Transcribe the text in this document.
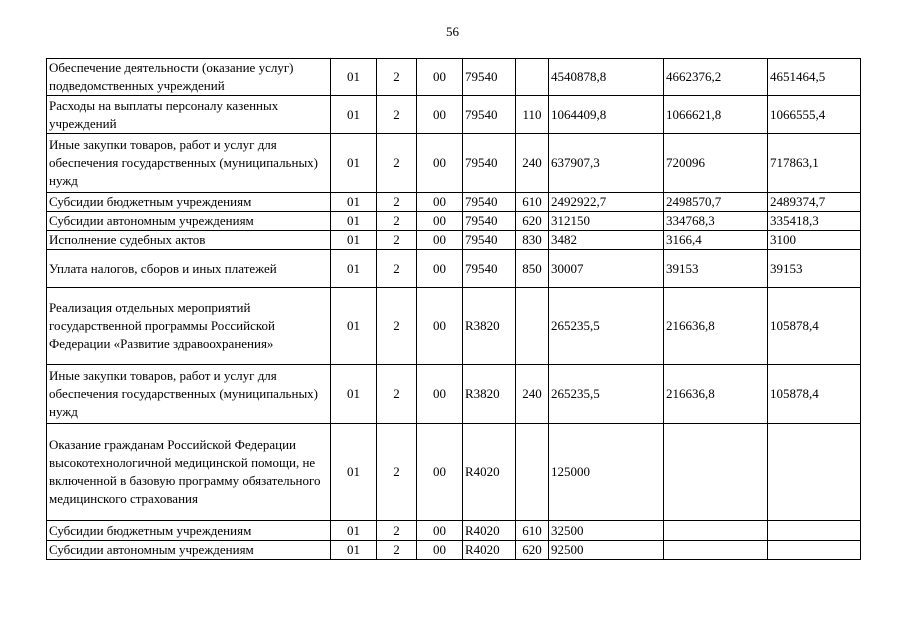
56
Обеспечение деятельности (оказание услуг) подведомственных учреждений	01	2	00	79540		4540878,8	4662376,2	4651464,5
Расходы на выплаты персоналу казенных учреждений	01	2	00	79540	110	1064409,8	1066621,8	1066555,4
Иные закупки товаров, работ и услуг для обеспечения государственных (муниципальных) нужд	01	2	00	79540	240	637907,3	720096	717863,1
Субсидии бюджетным учреждениям	01	2	00	79540	610	2492922,7	2498570,7	2489374,7
Субсидии автономным учреждениям	01	2	00	79540	620	312150	334768,3	335418,3
Исполнение судебных актов	01	2	00	79540	830	3482	3166,4	3100
Уплата налогов, сборов и иных платежей	01	2	00	79540	850	30007	39153	39153
Реализация отдельных мероприятий государственной программы Российской Федерации «Развитие здравоохранения»	01	2	00	R3820		265235,5	216636,8	105878,4
Иные закупки товаров, работ и услуг для обеспечения государственных (муниципальных) нужд	01	2	00	R3820	240	265235,5	216636,8	105878,4
Оказание гражданам Российской Федерации высокотехнологичной медицинской помощи, не включенной в базовую программу обязательного медицинского страхования	01	2	00	R4020		125000		
Субсидии бюджетным учреждениям	01	2	00	R4020	610	32500		
Субсидии автономным учреждениям	01	2	00	R4020	620	92500		
